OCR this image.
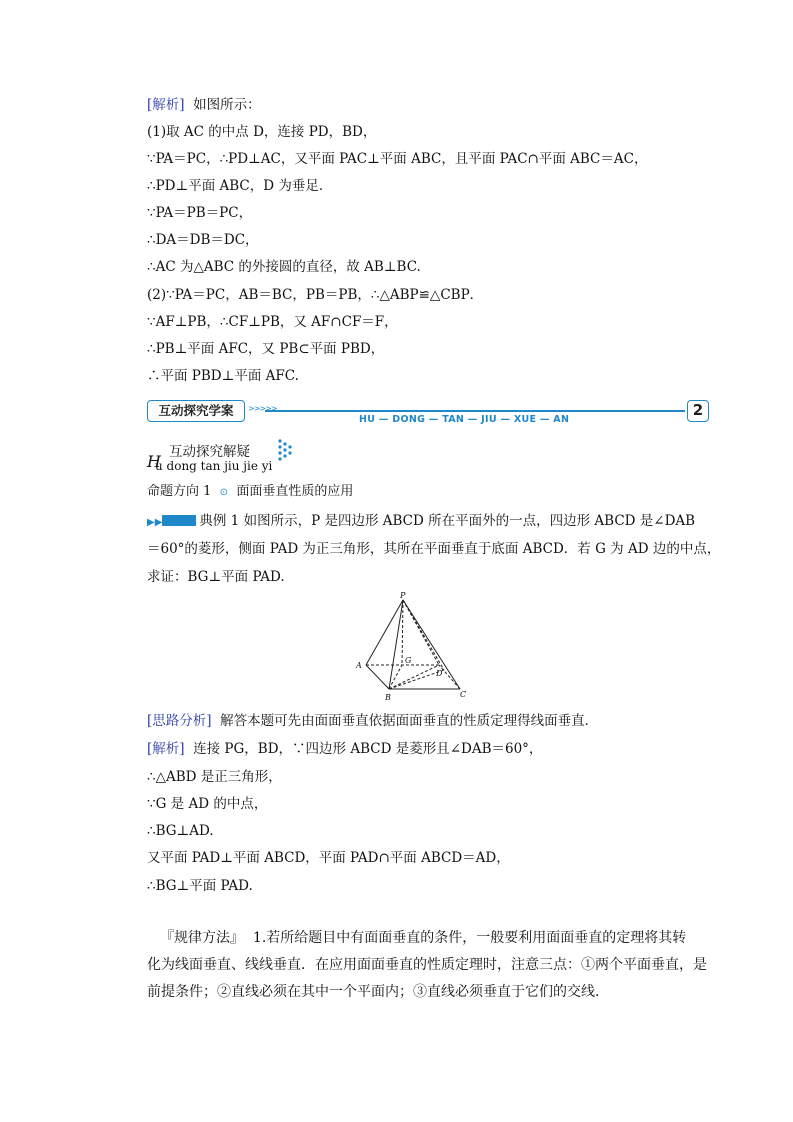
[解析] 如图所示：
(1)取 AC 的中点 D，连接 PD，BD，
∵PA＝PC，∴PD⊥AC，又平面 PAC⊥平面 ABC，且平面 PAC∩平面 ABC＝AC，
∴PD⊥平面 ABC，D 为垂足．
∵PA＝PB＝PC，
∴DA＝DB＝DC，
∴AC 为△ABC 的外接圆的直径，故 AB⊥BC.
(2)∵PA＝PC，AB＝BC，PB＝PB，∴△ABP≌△CBP．
∵AF⊥PB，∴CF⊥PB，又 AF∩CF＝F，
∴PB⊥平面 AFC，又 PB⊂平面 PBD，
∴平面 PBD⊥平面 AFC.
HU — DONG — TAN — JIU — XUE — AN
互动探究学案	>>>>>	2
H 互动探究解疑
u dong tan jiu jie yi
命题方向 1 ⊙ 面面垂直性质的应用
▶▶	典例 1 如图所示，P 是四边形 ABCD 所在平面外的一点，四边形 ABCD 是∠DAB
＝60°的菱形，侧面 PAD 为正三角形，其所在平面垂直于底面 ABCD．若 G 为 AD 边的中点，
求证：BG⊥平面 PAD.
P
A
B	C
D
G
[思路分析] 解答本题可先由面面垂直依据面面垂直的性质定理得线面垂直．
[解析] 连接 PG，BD，∵四边形 ABCD 是菱形且∠DAB＝60°，
∴△ABD 是正三角形，
∵G 是 AD 的中点，
∴BG⊥AD.
又平面 PAD⊥平面 ABCD，平面 PAD∩平面 ABCD＝AD，
∴BG⊥平面 PAD.
『规律方法』 1.若所给题目中有面面垂直的条件，一般要利用面面垂直的定理将其转
化为线面垂直、线线垂直．在应用面面垂直的性质定理时，注意三点：①两个平面垂直，是
前提条件；②直线必须在其中一个平面内；③直线必须垂直于它们的交线．
